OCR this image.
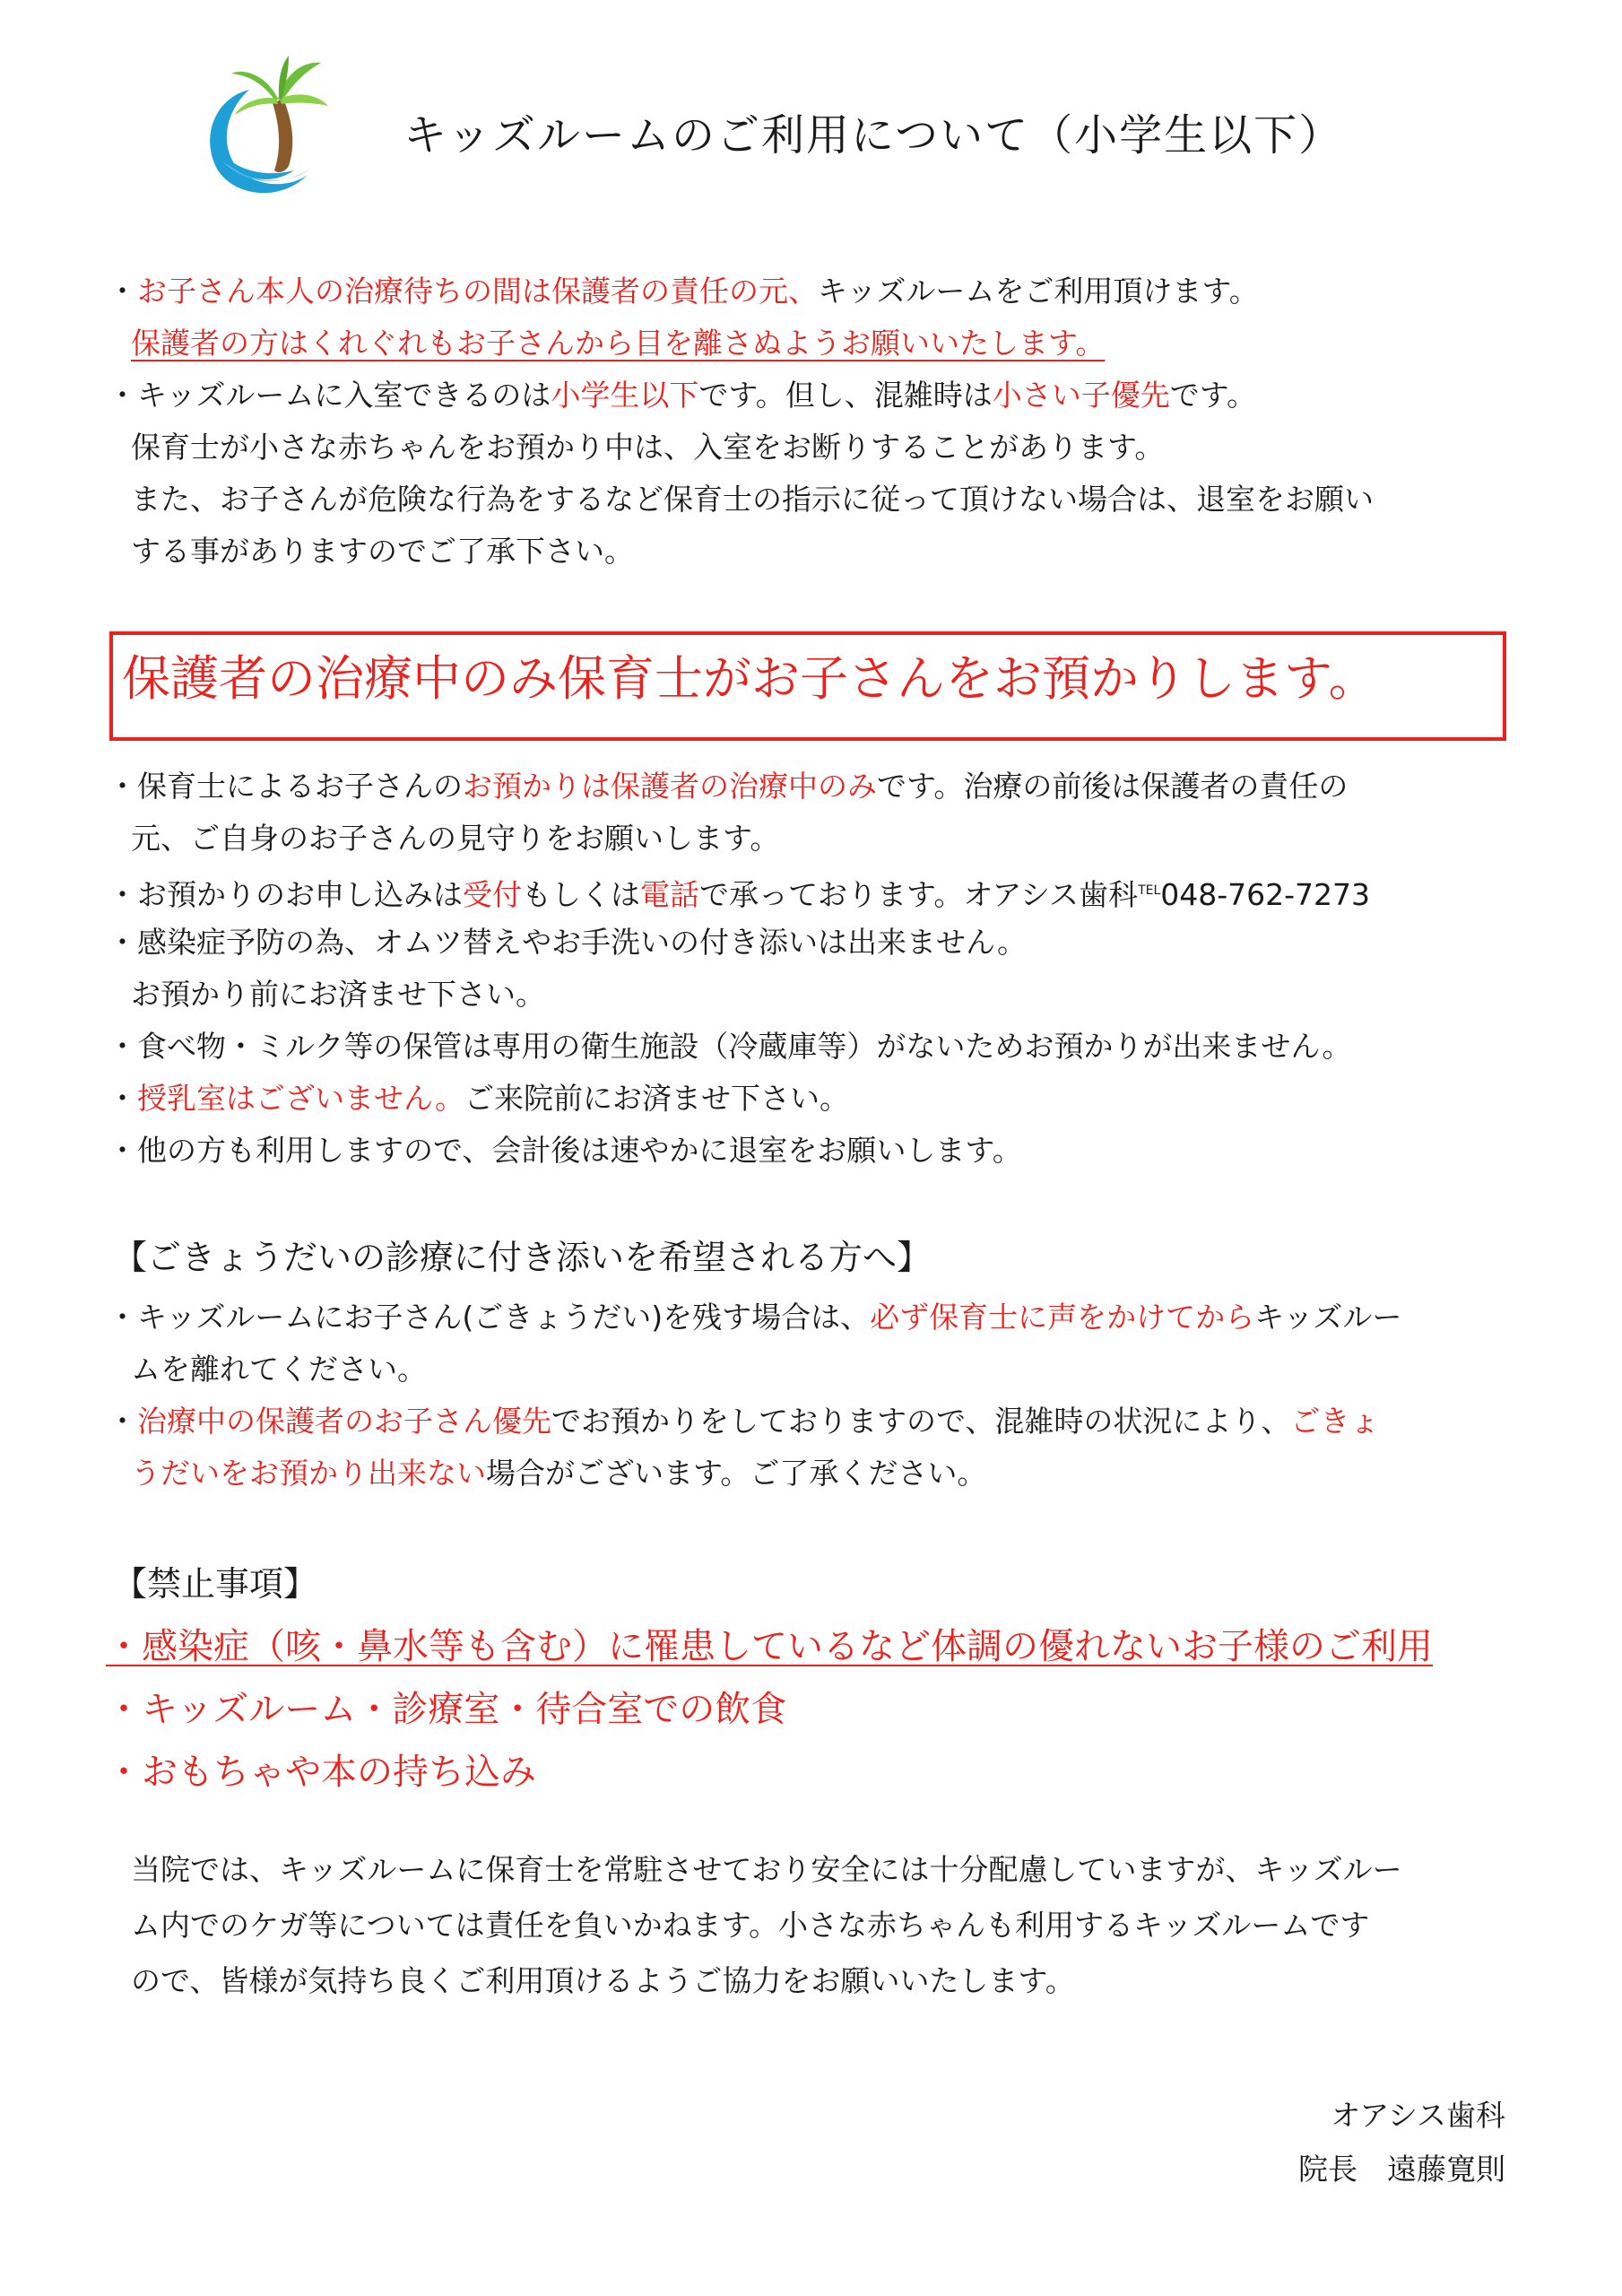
キッズルームのご利用について（小学生以下）
・お子さん本人の治療待ちの間は保護者の責任の元、キッズルームをご利用頂けます。
保護者の方はくれぐれもお子さんから目を離さぬようお願いいたします。
・キッズルームに入室できるのは小学生以下です。但し、混雑時は小さい子優先です。
保育士が小さな赤ちゃんをお預かり中は、入室をお断りすることがあります。
また、お子さんが危険な行為をするなど保育士の指示に従って頂けない場合は、退室をお願い
する事がありますのでご了承下さい。
保護者の治療中のみ保育士がお子さんをお預かりします。
・保育士によるお子さんのお預かりは保護者の治療中のみです。治療の前後は保護者の責任の
元、ご自身のお子さんの見守りをお願いします。
・お預かりのお申し込みは受付もしくは電話で承っております。オアシス歯科$^{TEL}$048-762-7273
・感染症予防の為、オムツ替えやお手洗いの付き添いは出来ません。
お預かり前にお済ませ下さい。
・食べ物・ミルク等の保管は専用の衛生施設（冷蔵庫等）がないためお預かりが出来ません。
・授乳室はございません。ご来院前にお済ませ下さい。
・他の方も利用しますので、会計後は速やかに退室をお願いします。
【ごきょうだいの診療に付き添いを希望される方へ】
・キッズルームにお子さん(ごきょうだい)を残す場合は、必ず保育士に声をかけてからキッズルー
ムを離れてください。
・治療中の保護者のお子さん優先でお預かりをしておりますので、混雑時の状況により、ごきょ
うだいをお預かり出来ない場合がございます。ご了承ください。
【禁止事項】
・感染症（咳・鼻水等も含む）に罹患しているなど体調の優れないお子様のご利用
・キッズルーム・診療室・待合室での飲食
・おもちゃや本の持ち込み
当院では、キッズルームに保育士を常駐させており安全には十分配慮していますが、キッズルー
ム内でのケガ等については責任を負いかねます。小さな赤ちゃんも利用するキッズルームです
ので、皆様が気持ち良くご利用頂けるようご協力をお願いいたします。
オアシス歯科
院長　遠藤寛則
